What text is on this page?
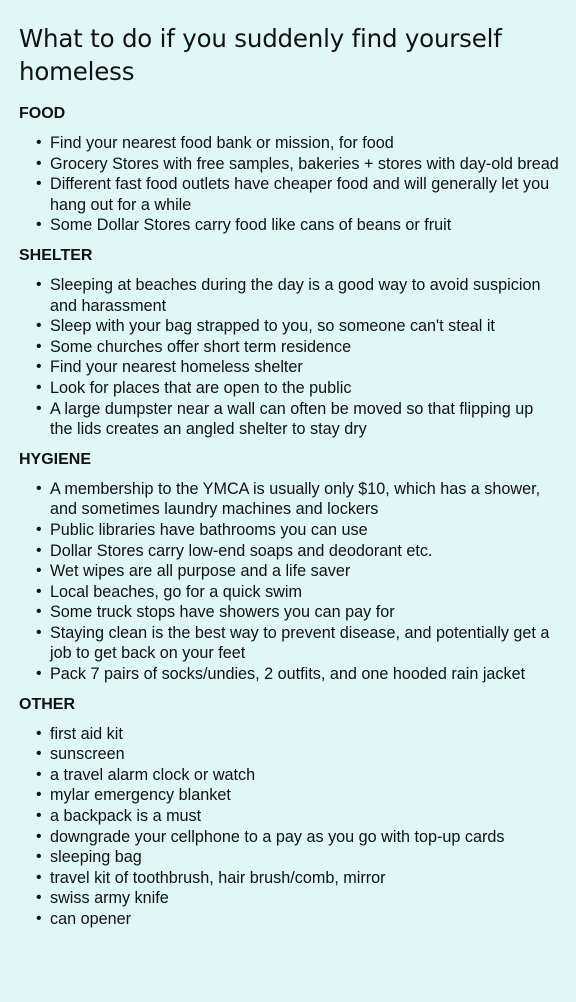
What to do if you suddenly find yourself homeless
FOOD
• Find your nearest food bank or mission, for food
• Grocery Stores with free samples, bakeries + stores with day-old bread
• Different fast food outlets have cheaper food and will generally let you hang out for a while
• Some Dollar Stores carry food like cans of beans or fruit
SHELTER
• Sleeping at beaches during the day is a good way to avoid suspicion and harassment
• Sleep with your bag strapped to you, so someone can't steal it
• Some churches offer short term residence
• Find your nearest homeless shelter
• Look for places that are open to the public
• A large dumpster near a wall can often be moved so that flipping up the lids creates an angled shelter to stay dry
HYGIENE
• A membership to the YMCA is usually only $10, which has a shower, and sometimes laundry machines and lockers
• Public libraries have bathrooms you can use
• Dollar Stores carry low-end soaps and deodorant etc.
• Wet wipes are all purpose and a life saver
• Local beaches, go for a quick swim
• Some truck stops have showers you can pay for
• Staying clean is the best way to prevent disease, and potentially get a job to get back on your feet
• Pack 7 pairs of socks/undies, 2 outfits, and one hooded rain jacket
OTHER
• first aid kit
• sunscreen
• a travel alarm clock or watch
• mylar emergency blanket
• a backpack is a must
• downgrade your cellphone to a pay as you go with top-up cards
• sleeping bag
• travel kit of toothbrush, hair brush/comb, mirror
• swiss army knife
• can opener
